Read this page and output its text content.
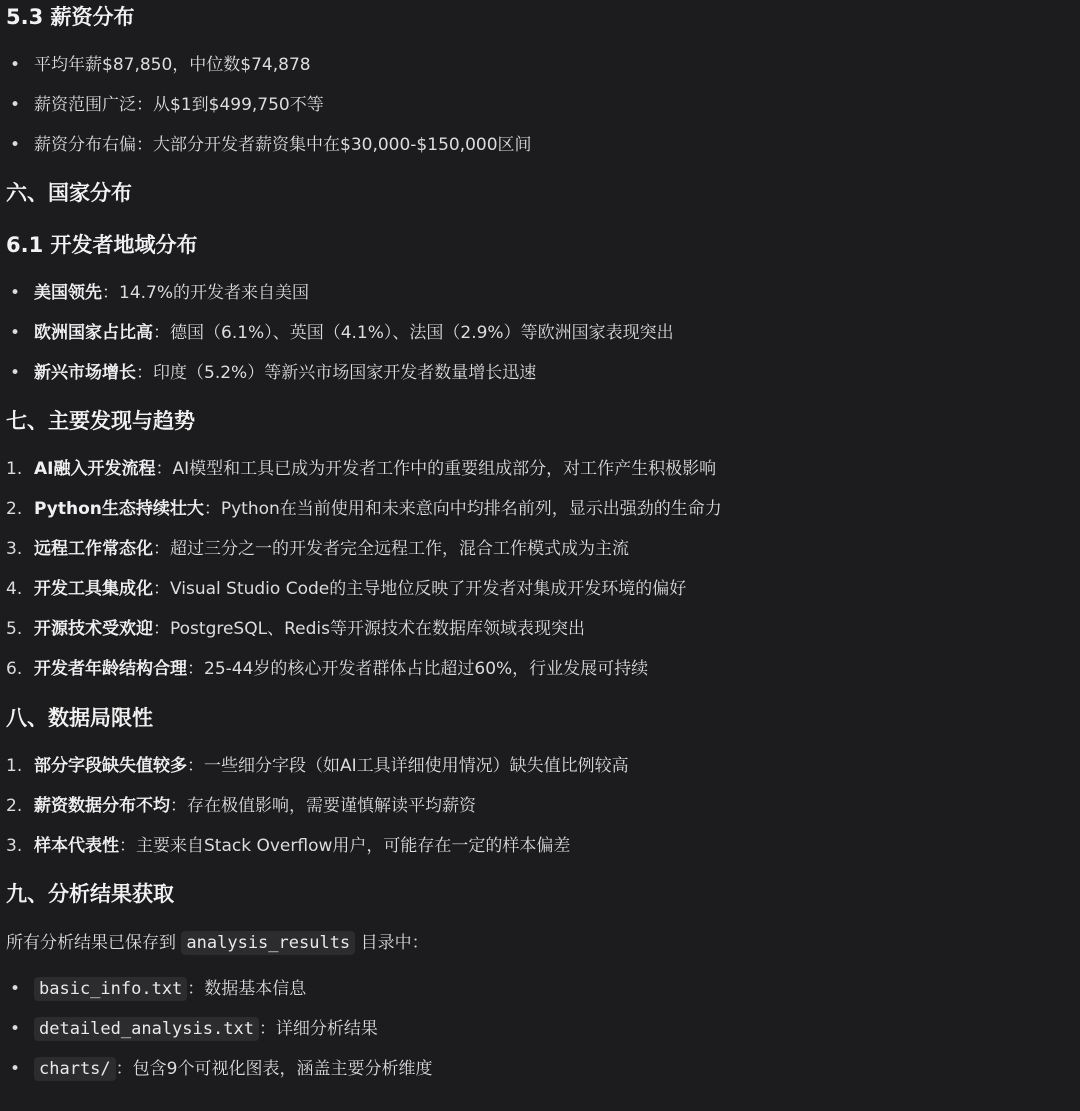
5.3 薪资分布
• 平均年薪$87,850，中位数$74,878
• 薪资范围广泛：从$1到$499,750不等
• 薪资分布右偏：大部分开发者薪资集中在$30,000-$150,000区间
六、国家分布
6.1 开发者地域分布
• 美国领先：14.7%的开发者来自美国
• 欧洲国家占比高：德国（6.1%）、英国（4.1%）、法国（2.9%）等欧洲国家表现突出
• 新兴市场增长：印度（5.2%）等新兴市场国家开发者数量增长迅速
七、主要发现与趋势
1. AI融入开发流程：AI模型和工具已成为开发者工作中的重要组成部分，对工作产生积极影响
2. Python生态持续壮大：Python在当前使用和未来意向中均排名前列，显示出强劲的生命力
3. 远程工作常态化：超过三分之一的开发者完全远程工作，混合工作模式成为主流
4. 开发工具集成化：Visual Studio Code的主导地位反映了开发者对集成开发环境的偏好
5. 开源技术受欢迎：PostgreSQL、Redis等开源技术在数据库领域表现突出
6. 开发者年龄结构合理：25-44岁的核心开发者群体占比超过60%，行业发展可持续
八、数据局限性
1. 部分字段缺失值较多：一些细分字段（如AI工具详细使用情况）缺失值比例较高
2. 薪资数据分布不均：存在极值影响，需要谨慎解读平均薪资
3. 样本代表性：主要来自Stack Overflow用户，可能存在一定的样本偏差
九、分析结果获取
所有分析结果已保存到 analysis_results 目录中：
• basic_info.txt ：数据基本信息
• detailed_analysis.txt ：详细分析结果
• charts/ ：包含9个可视化图表，涵盖主要分析维度
